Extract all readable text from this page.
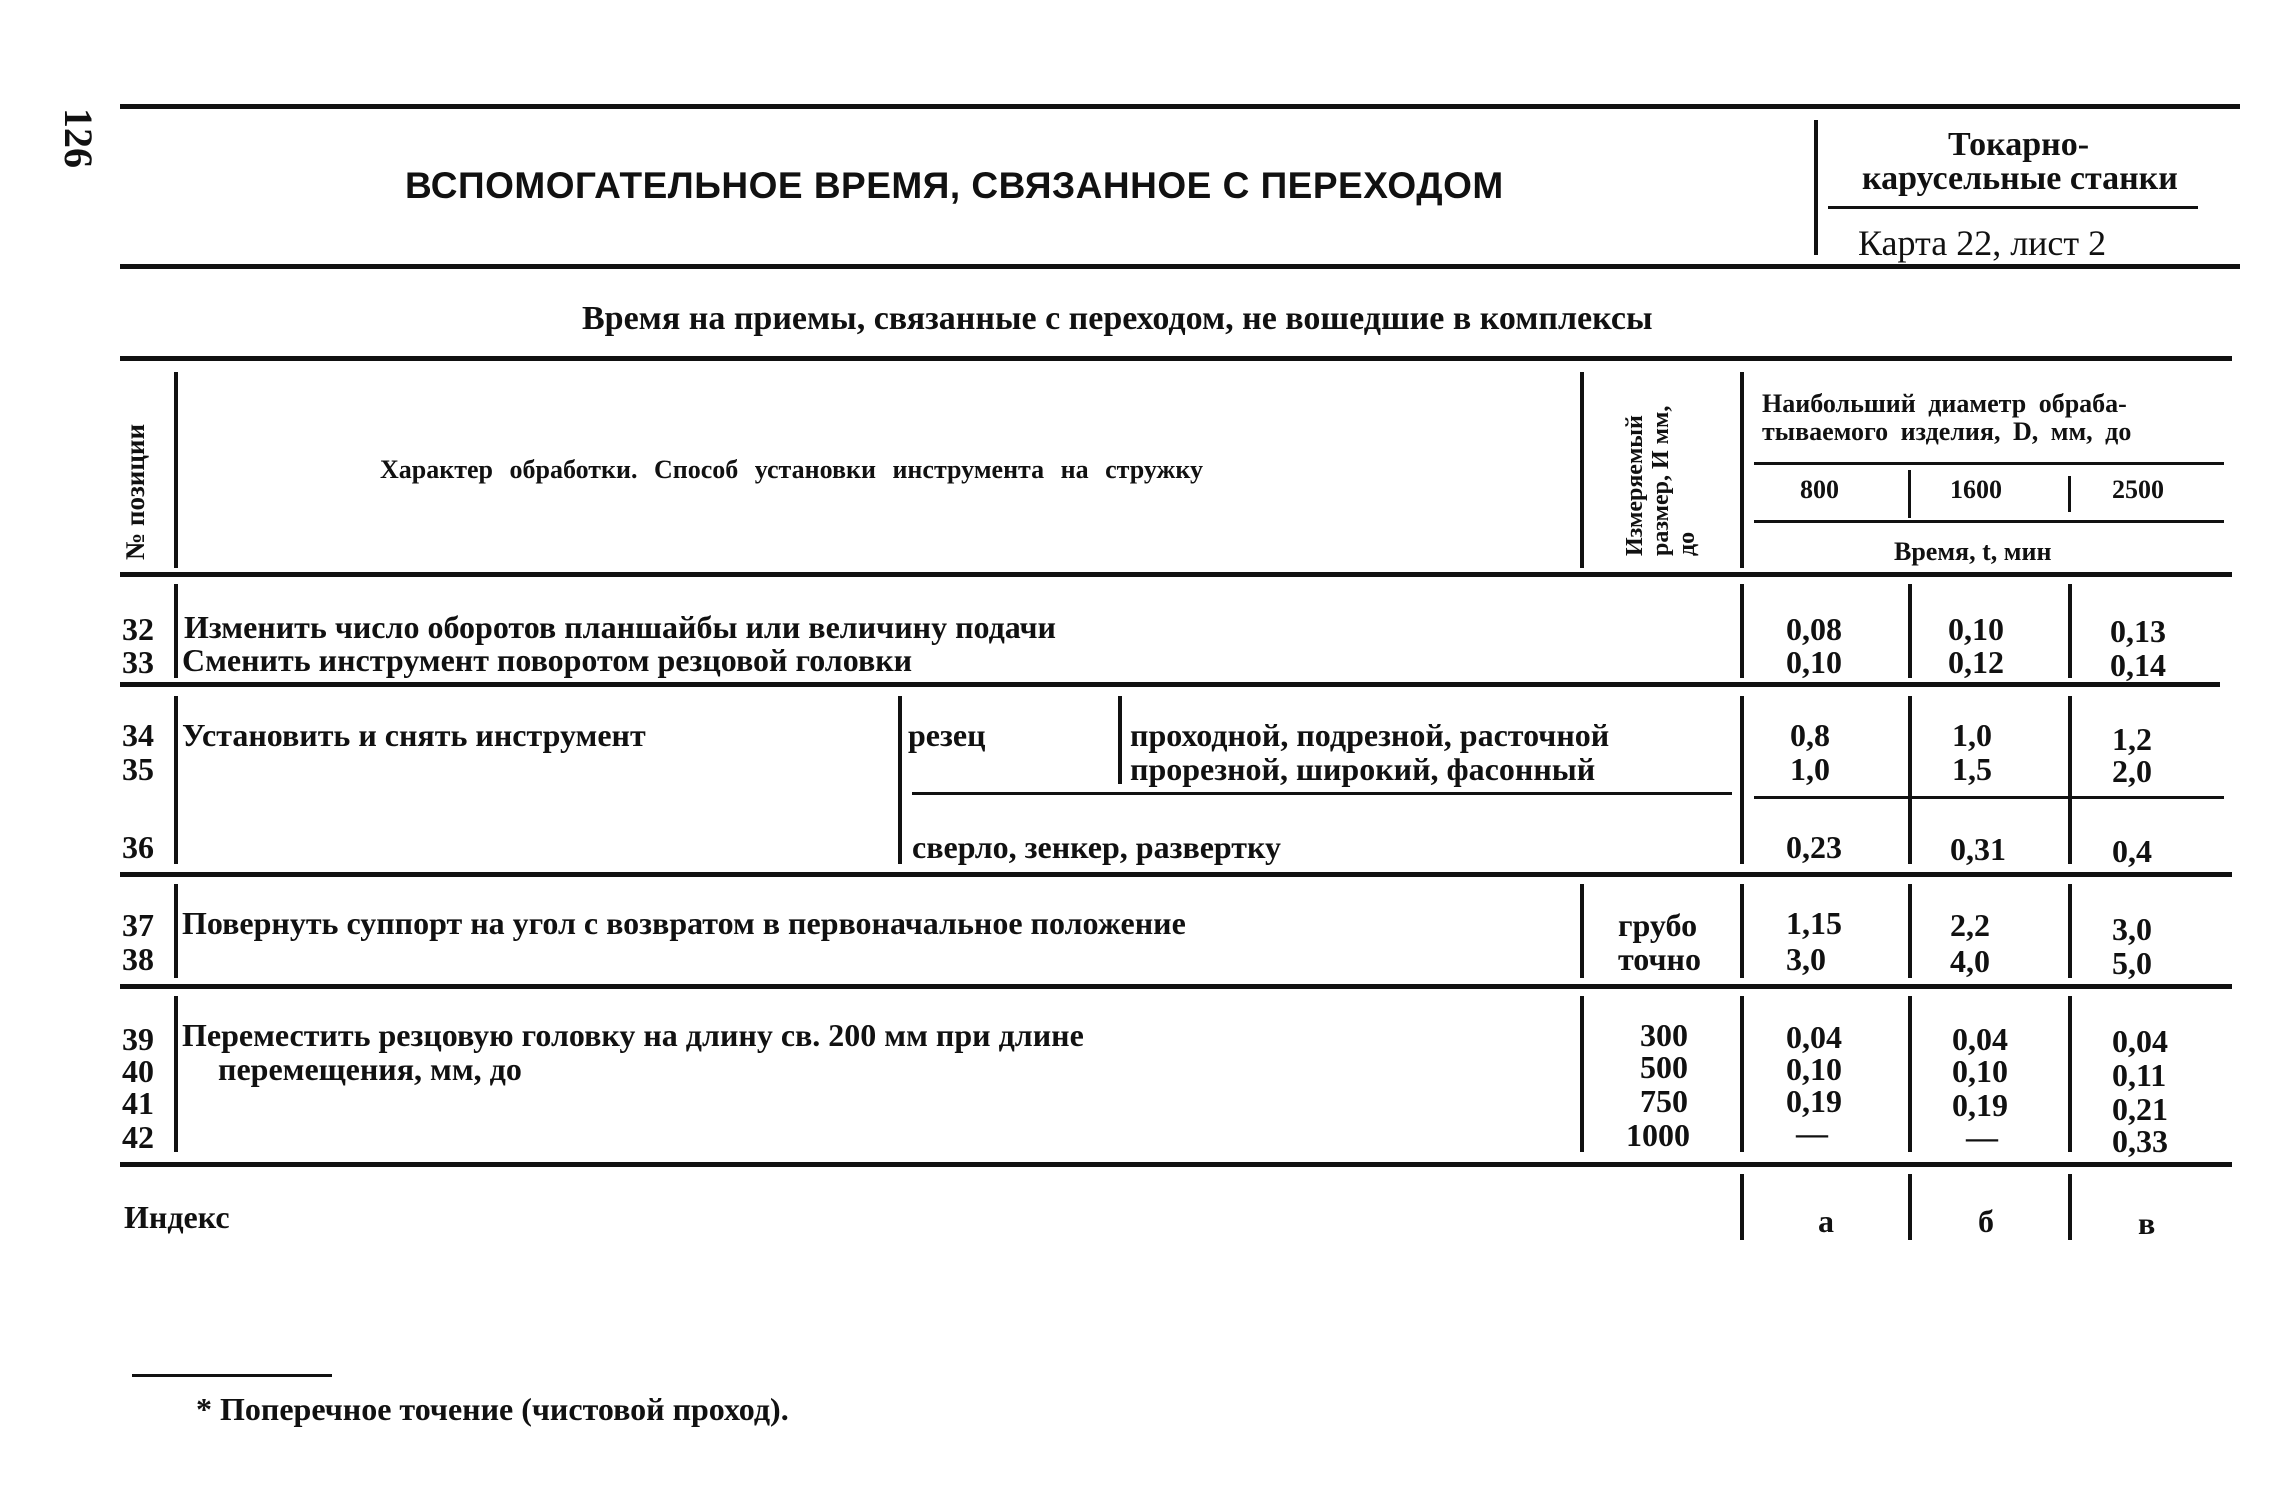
126
ВСПОМОГАТЕЛЬНОЕ ВРЕМЯ, СВЯЗАННОЕ С ПЕРЕХОДОМ
Токарно-
карусельные станки
Карта 22, лист 2
Время на приемы, связанные с переходом, не вошедшие в комплексы
№ позиции	Характер обработки. Способ установки инструмента на стружку	Измеряемый размер, И мм, до
Наибольший диаметр обраба-
тываемого изделия, D, мм, до
800	1600	2500
Время, t, мин
32 Изменить число оборотов планшайбы или величину подачи	0,08	0,10	0,13
33 Сменить инструмент поворотом резцовой головки	0,10	0,12	0,14
34 Установить и снять инструмент	резец	проходной, подрезной, расточной	0,8	1,0	1,2
35	прорезной, широкий, фасонный	1,0	1,5	2,0
36	сверло, зенкер, развертку	0,23	0,31	0,4
37 Повернуть суппорт на угол с возвратом в первоначальное положение	грубо	1,15	2,2	3,0
38	точно	3,0	4,0	5,0
39 Переместить резцовую головку на длину св. 200 мм при длине	300	0,04	0,04	0,04
40 перемещения, мм, до	500	0,10	0,10	0,11
41	750	0,19	0,19	0,21
42	1000	—	—	0,33
Индекс	а	б	в
* Поперечное точение (чистовой проход).
